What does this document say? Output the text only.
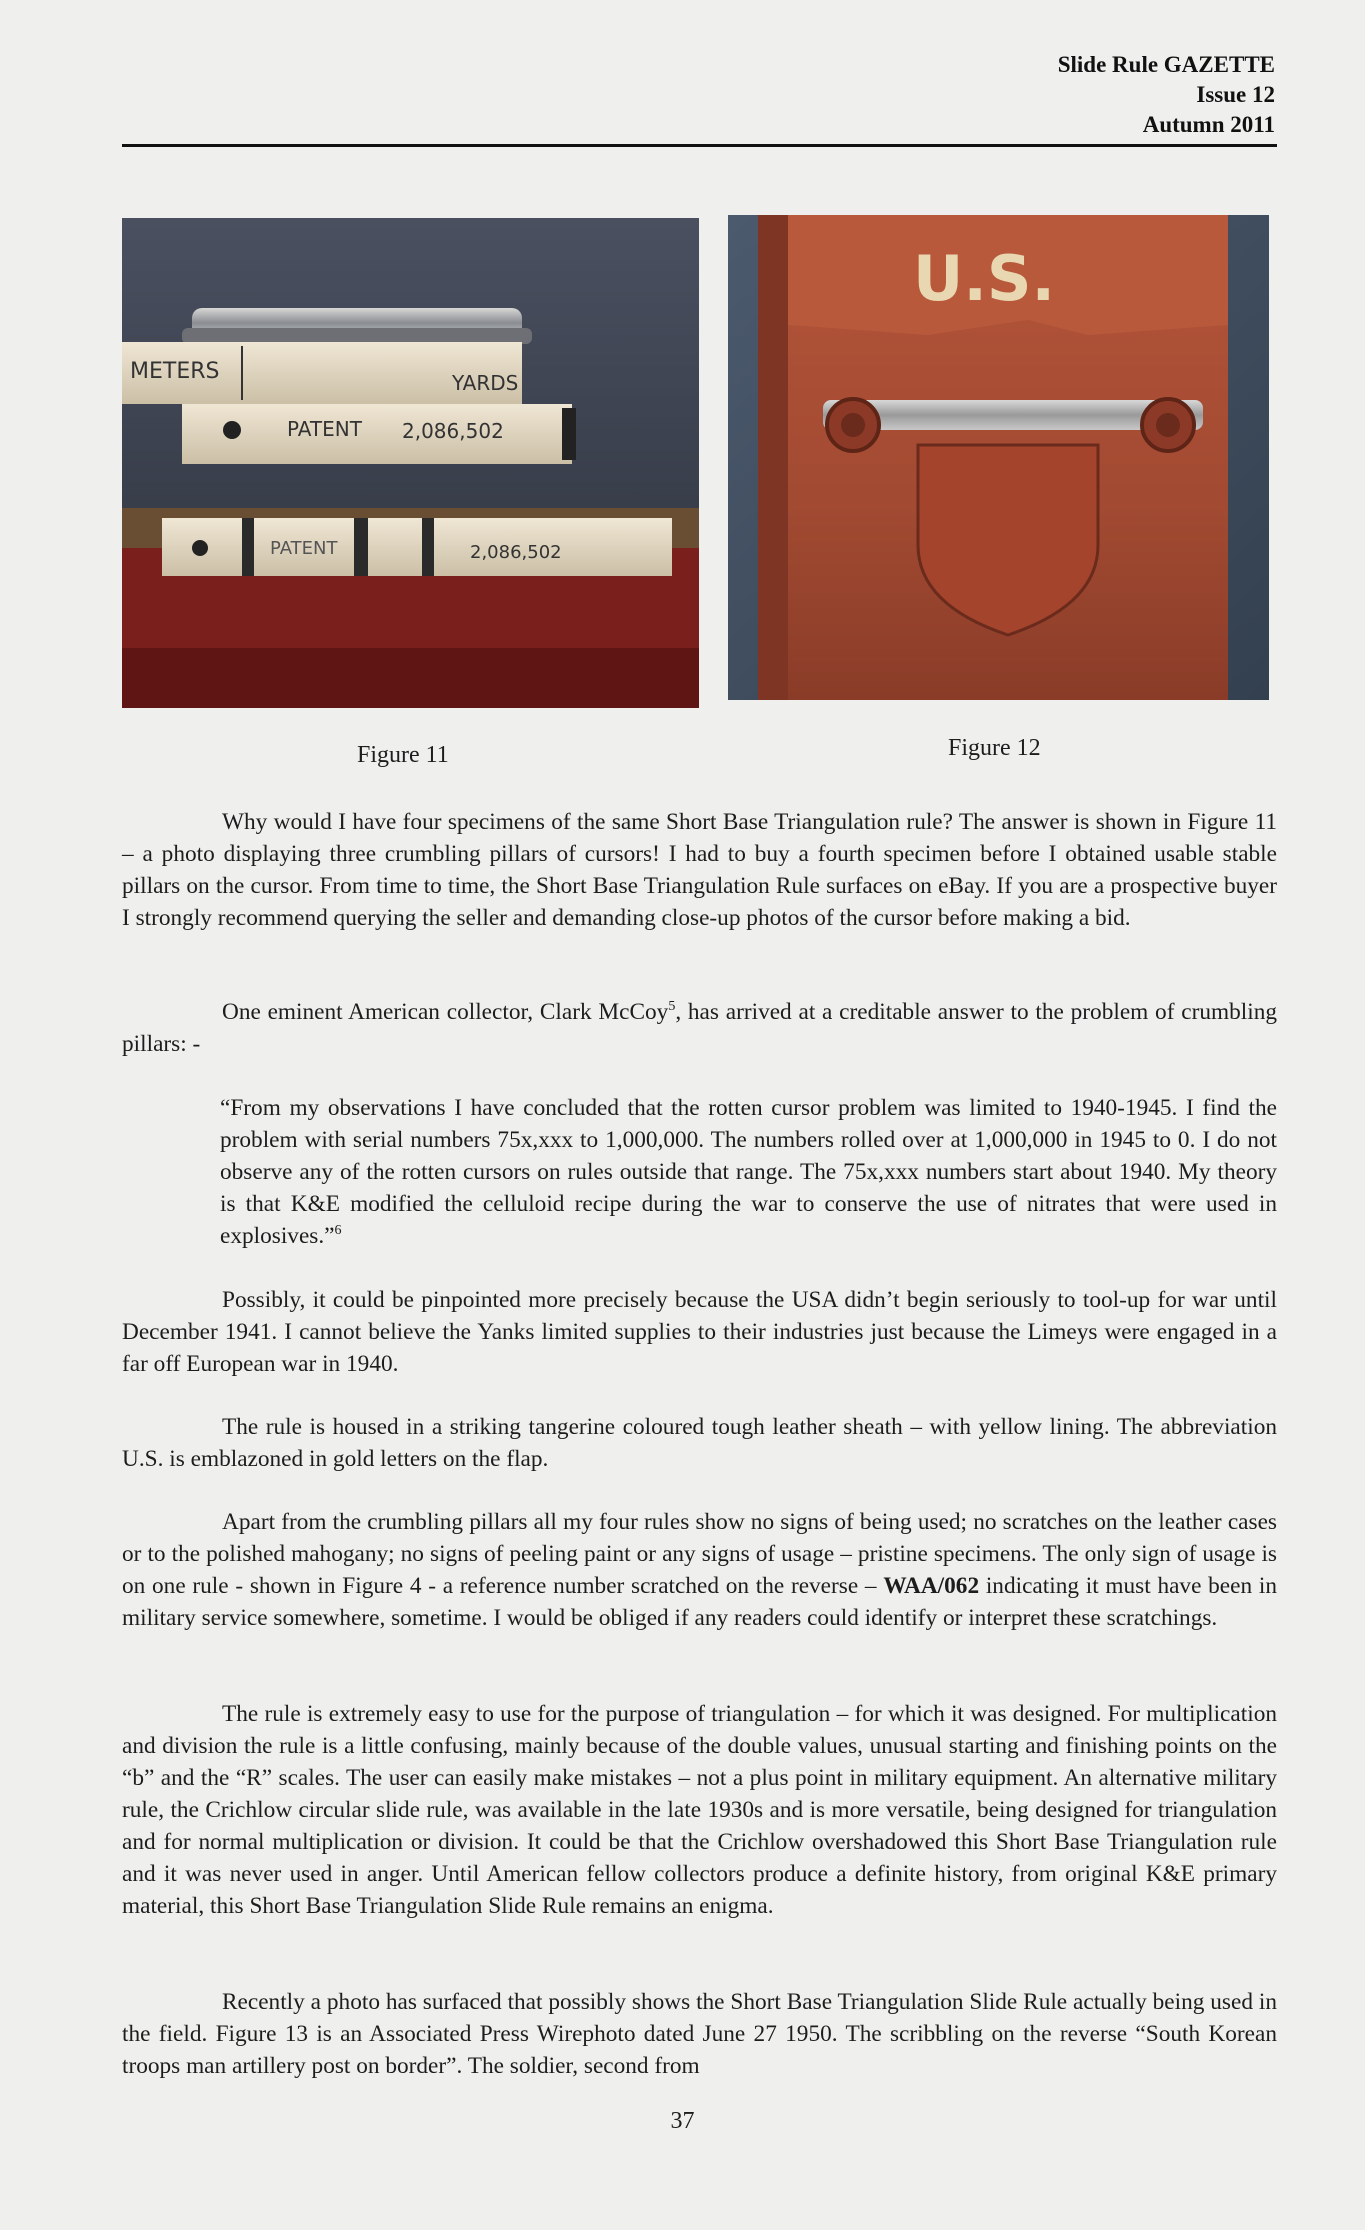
Slide Rule GAZETTE
Issue 12
Autumn 2011
METERS	YARDS
PATENT 2,086,502
PATENT	2,086,502
U.S.
Figure 11	Figure 12

Why would I have four specimens of the same Short Base Triangulation rule? The answer is shown in Figure 11 – a photo displaying three crumbling pillars of cursors! I had to buy a fourth specimen before I obtained usable stable pillars on the cursor. From time to time, the Short Base Triangulation Rule surfaces on eBay. If you are a prospective buyer I strongly recommend querying the seller and demanding close-up photos of the cursor before making a bid.

One eminent American collector, Clark McCoy$^5$, has arrived at a creditable answer to the problem of crumbling pillars: -

“From my observations I have concluded that the rotten cursor problem was limited to 1940-1945. I find the problem with serial numbers 75x,xxx to 1,000,000. The numbers rolled over at 1,000,000 in 1945 to 0. I do not observe any of the rotten cursors on rules outside that range. The 75x,xxx numbers start about 1940. My theory is that K&E modified the celluloid recipe during the war to conserve the use of nitrates that were used in explosives.”$^6$

Possibly, it could be pinpointed more precisely because the USA didn’t begin seriously to tool-up for war until December 1941. I cannot believe the Yanks limited supplies to their industries just because the Limeys were engaged in a far off European war in 1940.

The rule is housed in a striking tangerine coloured tough leather sheath – with yellow lining. The abbreviation U.S. is emblazoned in gold letters on the flap.

Apart from the crumbling pillars all my four rules show no signs of being used; no scratches on the leather cases or to the polished mahogany; no signs of peeling paint or any signs of usage – pristine specimens. The only sign of usage is on one rule - shown in Figure 4 - a reference number scratched on the reverse – WAA/062 indicating it must have been in military service somewhere, sometime. I would be obliged if any readers could identify or interpret these scratchings.

The rule is extremely easy to use for the purpose of triangulation – for which it was designed. For multiplication and division the rule is a little confusing, mainly because of the double values, unusual starting and finishing points on the “b” and the “R” scales. The user can easily make mistakes – not a plus point in military equipment. An alternative military rule, the Crichlow circular slide rule, was available in the late 1930s and is more versatile, being designed for triangulation and for normal multiplication or division. It could be that the Crichlow overshadowed this Short Base Triangulation rule and it was never used in anger. Until American fellow collectors produce a definite history, from original K&E primary material, this Short Base Triangulation Slide Rule remains an enigma.

Recently a photo has surfaced that possibly shows the Short Base Triangulation Slide Rule actually being used in the field. Figure 13 is an Associated Press Wirephoto dated June 27 1950. The scribbling on the reverse “South Korean troops man artillery post on border”. The soldier, second from

37
